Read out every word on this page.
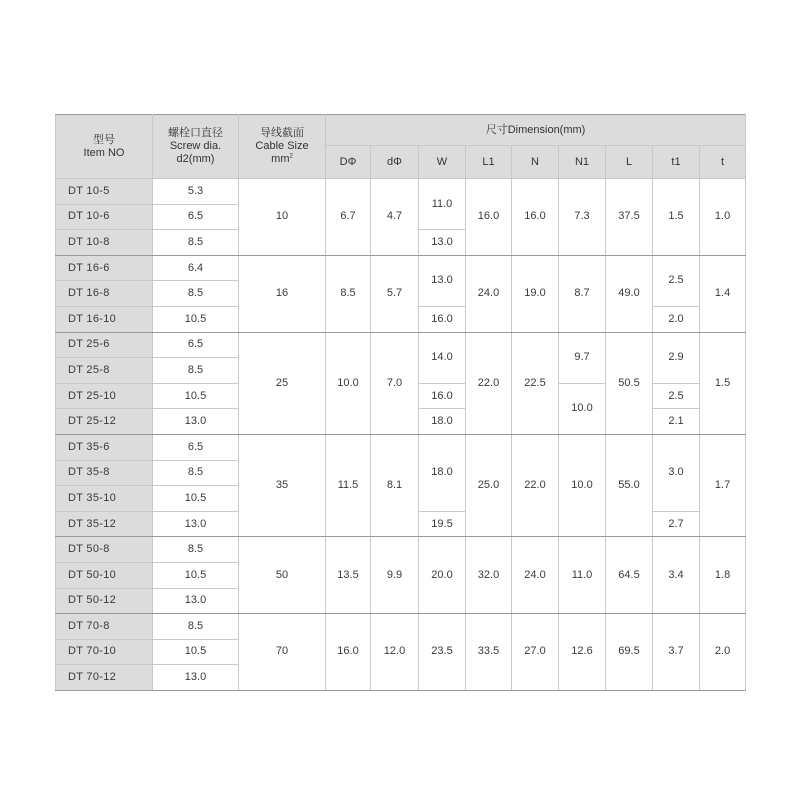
型号
Item NO	螺栓口直径
Screw dia.
d2(mm)	导线截面
Cable Size
$mm^2$	尺寸Dimension(mm)								
			DΦ	dΦ	W	L1	N	N1	L	t1	t
DT 10-5	5.3	10	6.7	4.7	11.0	16.0	16.0	7.3	37.5	1.5	1.0
DT 10-6	6.5										
DT 10-8	8.5				13.0						
DT 16-6	6.4	16	8.5	5.7	13.0	24.0	19.0	8.7	49.0	2.5	1.4
DT 16-8	8.5										
DT 16-10	10.5				16.0					2.0	
DT 25-6	6.5	25	10.0	7.0	14.0	22.0	22.5	9.7	50.5	2.9	1.5
DT 25-8	8.5										
DT 25-10	10.5				16.0			10.0		2.5	
DT 25-12	13.0				18.0					2.1	
DT 35-6	6.5	35	11.5	8.1	18.0	25.0	22.0	10.0	55.0	3.0	1.7
DT 35-8	8.5										
DT 35-10	10.5										
DT 35-12	13.0				19.5					2.7	
DT 50-8	8.5	50	13.5	9.9	20.0	32.0	24.0	11.0	64.5	3.4	1.8
DT 50-10	10.5										
DT 50-12	13.0										
DT 70-8	8.5	70	16.0	12.0	23.5	33.5	27.0	12.6	69.5	3.7	2.0
DT 70-10	10.5										
DT 70-12	13.0										
